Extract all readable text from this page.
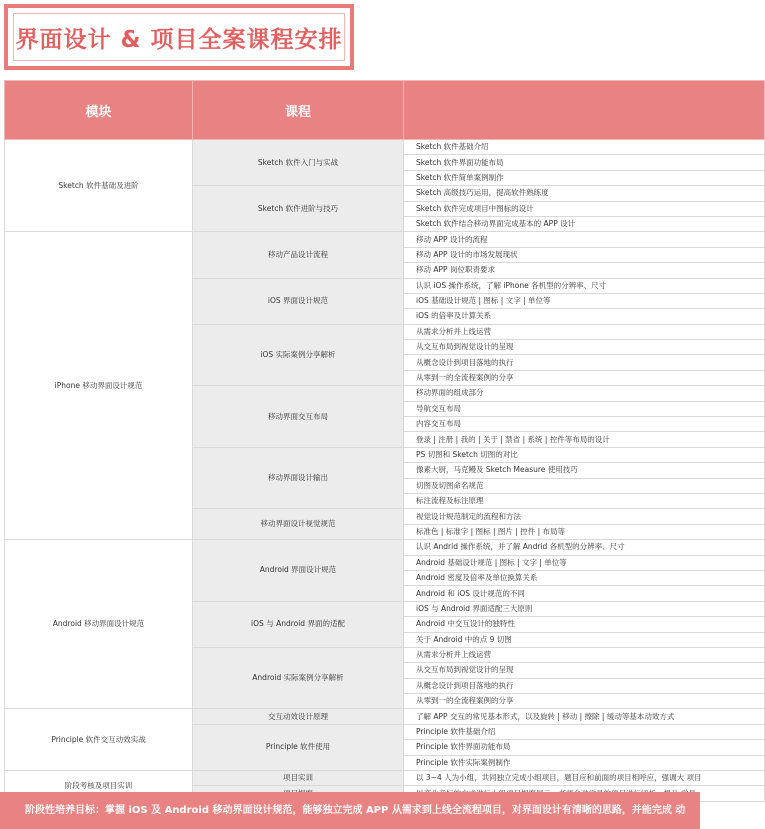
界面设计 & 项目全案课程安排
模块	课程	
Sketch 软件基础及进阶	Sketch 软件入门与实战	Sketch 软件基础介绍
		Sketch 软件界面功能布局
		Sketch 软件简单案例制作
	Sketch 软件进阶与技巧	Sketch 高级技巧运用，提高软件熟练度
		Sketch 软件完成项目中图标的设计
		Sketch 软件结合移动界面完成基本的 APP 设计
iPhone 移动界面设计规范	移动产品设计流程	移动 APP 设计的流程
		移动 APP 设计的市场发展现状
		移动 APP 岗位职责要求
	iOS 界面设计规范	认识 iOS 操作系统，了解 iPhone 各机型的分辨率、尺寸
		iOS 基础设计规范 | 图标 | 文字 | 单位等
		iOS 的倍率及计算关系
	iOS 实际案例分享解析	从需求分析并上线运营
		从交互布局到视觉设计的呈现
		从概念设计到项目落地的执行
		从零到一的全流程案例的分享
	移动界面交互布局	移动界面的组成部分
		导航交互布局
		内容交互布局
		登录 | 注册 | 我的 | 关于 | 禁省 | 系统 | 控件等布局的设计
	移动界面设计输出	PS 切图和 Sketch 切图的对比
		像素大厨，马克鳗及 Sketch Measure 使用技巧
		切图及切图命名规范
		标注流程及标注原理
	移动界面设计视觉规范	视觉设计规范制定的流程和方法
		标准色 | 标准字 | 图标 | 图片 | 控件 | 布局等
Android 移动界面设计规范	Android 界面设计规范	认识 Andrid 操作系统，并了解 Andrid 各机型的分辨率、尺寸
		Android 基础设计规范 | 图标 | 文字 | 单位等
		Android 密度及倍率及单位换算关系
		Android 和 iOS 设计规范的不同
	iOS 与 Android 界面的适配	iOS 与 Android 界面适配三大原则
		Android 中交互设计的独特性
		关于 Android 中的点 9 切图
	Android 实际案例分享解析	从需求分析并上线运营
		从交互布局到视觉设计的呈现
		从概念设计到项目落地的执行
		从零到一的全流程案例的分享
Principle 软件交互动效实战	交互动效设计原理	了解 APP 交互的常见基本形式，以及旋转 | 移动 | 擦除 | 缓动等基本动效方式
	Principle 软件使用	Principle 软件基础介绍
		Principle 软件界面功能布局
		Principle 软件实际案例制作
阶段考核及项目实训	项目实训	以 3~4 人为小组，共同独立完成小组项目，题目应和前面的项目相呼应，强调大 项目

阶段性培养目标：掌握 iOS 及 Android 移动界面设计规范，能够独立完成 APP 从需求到上线全流程项目，对界面设计有清晰的思路，并能完成 动
